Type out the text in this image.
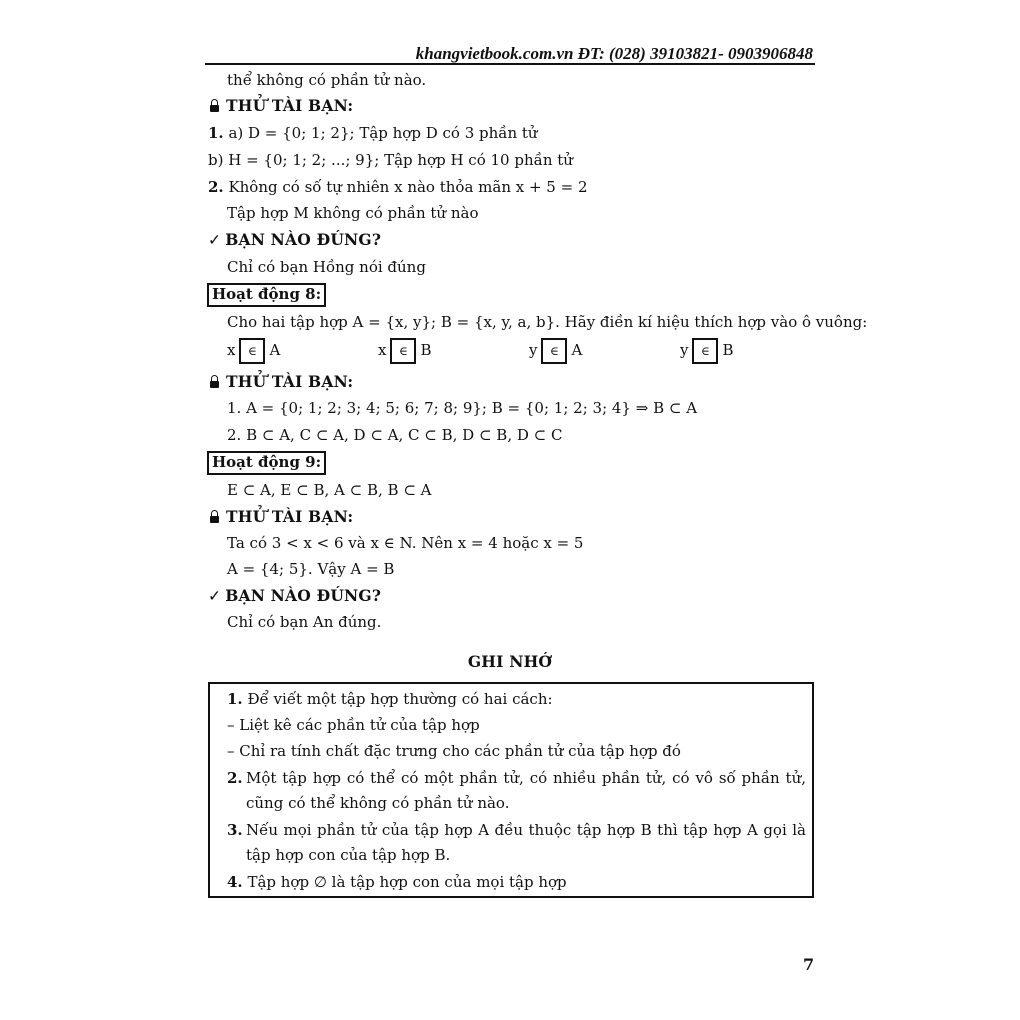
khangvietbook.com.vn ĐT: (028) 39103821- 0903906848
thể không có phần tử nào.
THỬ TÀI BẠN:
1. a) D = {0; 1; 2}; Tập hợp D có 3 phần tử
b) H = {0; 1; 2; ...; 9}; Tập hợp H có 10 phần tử
2. Không có số tự nhiên x nào thỏa mãn x + 5 = 2
Tập hợp M không có phần tử nào
✓ BẠN NÀO ĐÚNG?
Chỉ có bạn Hồng nói đúng
Hoạt động 8:
Cho hai tập hợp A = {x, y}; B = {x, y, a, b}. Hãy điền kí hiệu thích hợp vào ô vuông:
x ∈ A	x ∈ B	y ∈ A	y ∈ B
THỬ TÀI BẠN:
1. A = {0; 1; 2; 3; 4; 5; 6; 7; 8; 9}; B = {0; 1; 2; 3; 4} ⇒ B ⊂ A
2. B ⊂ A, C ⊂ A, D ⊂ A, C ⊂ B, D ⊂ B, D ⊂ C
Hoạt động 9:
E ⊂ A, E ⊂ B, A ⊂ B, B ⊂ A
THỬ TÀI BẠN:
Ta có 3 < x < 6 và x ∈ N. Nên x = 4 hoặc x = 5
A = {4; 5}. Vậy A = B
✓ BẠN NÀO ĐÚNG?
Chỉ có bạn An đúng.
GHI NHỚ
1. Để viết một tập hợp thường có hai cách:
– Liệt kê các phần tử của tập hợp
– Chỉ ra tính chất đặc trưng cho các phần tử của tập hợp đó
2. Một tập hợp có thể có một phần tử, có nhiều phần tử, có vô số phần tử,
cũng có thể không có phần tử nào.
3. Nếu mọi phần tử của tập hợp A đều thuộc tập hợp B thì tập hợp A gọi là
tập hợp con của tập hợp B.
4. Tập hợp ∅ là tập hợp con của mọi tập hợp
7
